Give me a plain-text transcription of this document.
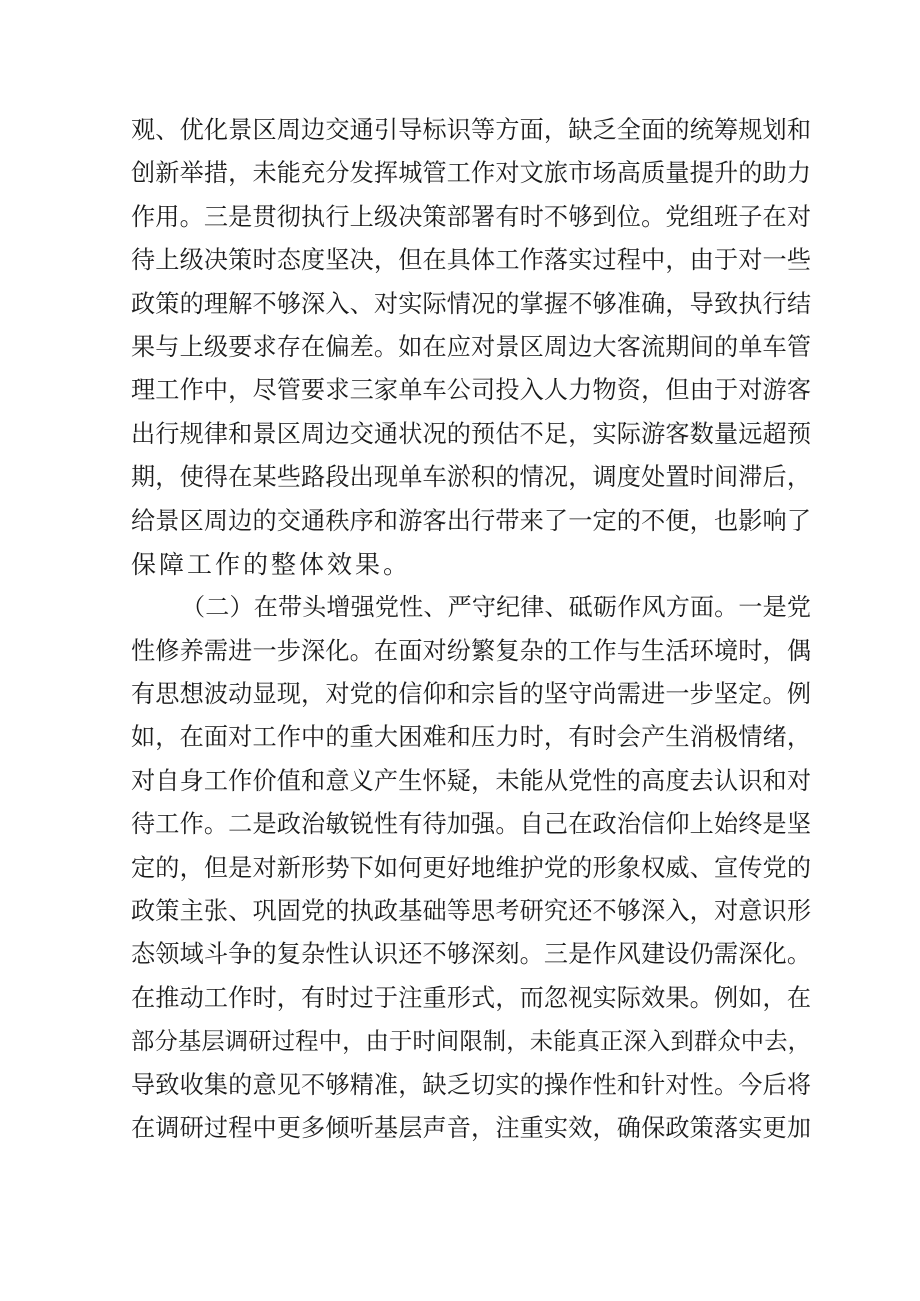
观、优化景区周边交通引导标识等方面，缺乏全面的统筹规划和
创新举措，未能充分发挥城管工作对文旅市场高质量提升的助力
作用。三是贯彻执行上级决策部署有时不够到位。党组班子在对
待上级决策时态度坚决，但在具体工作落实过程中，由于对一些
政策的理解不够深入、对实际情况的掌握不够准确，导致执行结
果与上级要求存在偏差。如在应对景区周边大客流期间的单车管
理工作中，尽管要求三家单车公司投入人力物资，但由于对游客
出行规律和景区周边交通状况的预估不足，实际游客数量远超预
期，使得在某些路段出现单车淤积的情况，调度处置时间滞后，
给景区周边的交通秩序和游客出行带来了一定的不便，也影响了
保障工作的整体效果。
（二）在带头增强党性、严守纪律、砥砺作风方面。一是党
性修养需进一步深化。在面对纷繁复杂的工作与生活环境时，偶
有思想波动显现，对党的信仰和宗旨的坚守尚需进一步坚定。例
如，在面对工作中的重大困难和压力时，有时会产生消极情绪，
对自身工作价值和意义产生怀疑，未能从党性的高度去认识和对
待工作。二是政治敏锐性有待加强。自己在政治信仰上始终是坚
定的，但是对新形势下如何更好地维护党的形象权威、宣传党的
政策主张、巩固党的执政基础等思考研究还不够深入，对意识形
态领域斗争的复杂性认识还不够深刻。三是作风建设仍需深化。
在推动工作时，有时过于注重形式，而忽视实际效果。例如，在
部分基层调研过程中，由于时间限制，未能真正深入到群众中去，
导致收集的意见不够精准，缺乏切实的操作性和针对性。今后将
在调研过程中更多倾听基层声音，注重实效，确保政策落实更加
